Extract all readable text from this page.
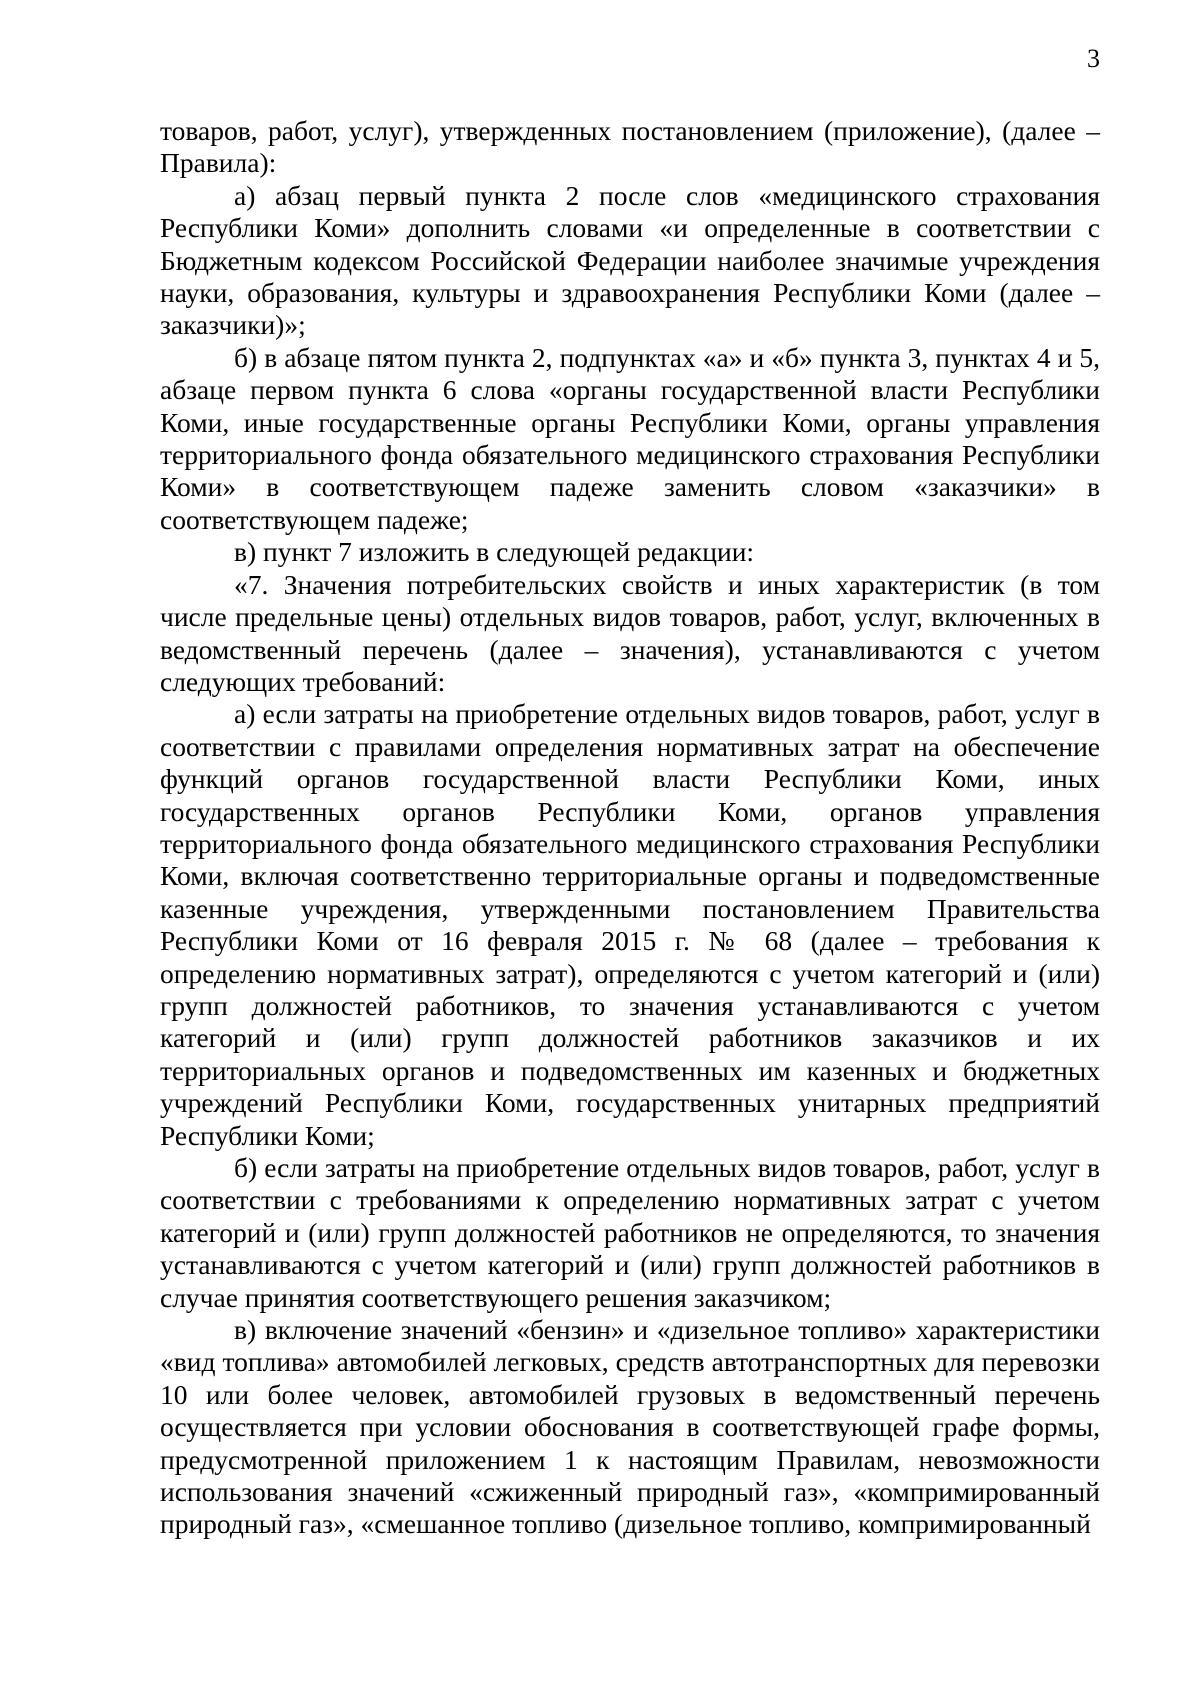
3

товаров, работ, услуг), утвержденных постановлением (приложение), (далее – Правила):

а) абзац первый пункта 2 после слов «медицинского страхования Республики Коми» дополнить словами «и определенные в соответствии с Бюджетным кодексом Российской Федерации наиболее значимые учреждения науки, образования, культуры и здравоохранения Республики Коми (далее – заказчики)»;

б) в абзаце пятом пункта 2, подпунктах «а» и «б» пункта 3, пунктах 4 и 5, абзаце первом пункта 6 слова «органы государственной власти Республики Коми, иные государственные органы Республики Коми, органы управления территориального фонда обязательного медицинского страхования Республики Коми» в соответствующем падеже заменить словом «заказчики» в соответствующем падеже;

в) пункт 7 изложить в следующей редакции:

«7. Значения потребительских свойств и иных характеристик (в том числе предельные цены) отдельных видов товаров, работ, услуг, включенных в ведомственный перечень (далее – значения), устанавливаются с учетом следующих требований:

а) если затраты на приобретение отдельных видов товаров, работ, услуг в соответствии с правилами определения нормативных затрат на обеспечение функций органов государственной власти Республики Коми, иных государственных органов Республики Коми, органов управления территориального фонда обязательного медицинского страхования Республики Коми, включая соответственно территориальные органы и подведомственные казенные учреждения, утвержденными постановлением Правительства Республики Коми от 16 февраля 2015 г. № 68 (далее – требования к определению нормативных затрат), определяются с учетом категорий и (или) групп должностей работников, то значения устанавливаются с учетом категорий и (или) групп должностей работников заказчиков и их территориальных органов и подведомственных им казенных и бюджетных учреждений Республики Коми, государственных унитарных предприятий Республики Коми;

б) если затраты на приобретение отдельных видов товаров, работ, услуг в соответствии с требованиями к определению нормативных затрат с учетом категорий и (или) групп должностей работников не определяются, то значения устанавливаются с учетом категорий и (или) групп должностей работников в случае принятия соответствующего решения заказчиком;

в) включение значений «бензин» и «дизельное топливо» характеристики «вид топлива» автомобилей легковых, средств автотранспортных для перевозки 10 или более человек, автомобилей грузовых в ведомственный перечень осуществляется при условии обоснования в соответствующей графе формы, предусмотренной приложением 1 к настоящим Правилам, невозможности использования значений «сжиженный природный газ», «компримированный природный газ», «смешанное топливо (дизельное топливо, компримированный
